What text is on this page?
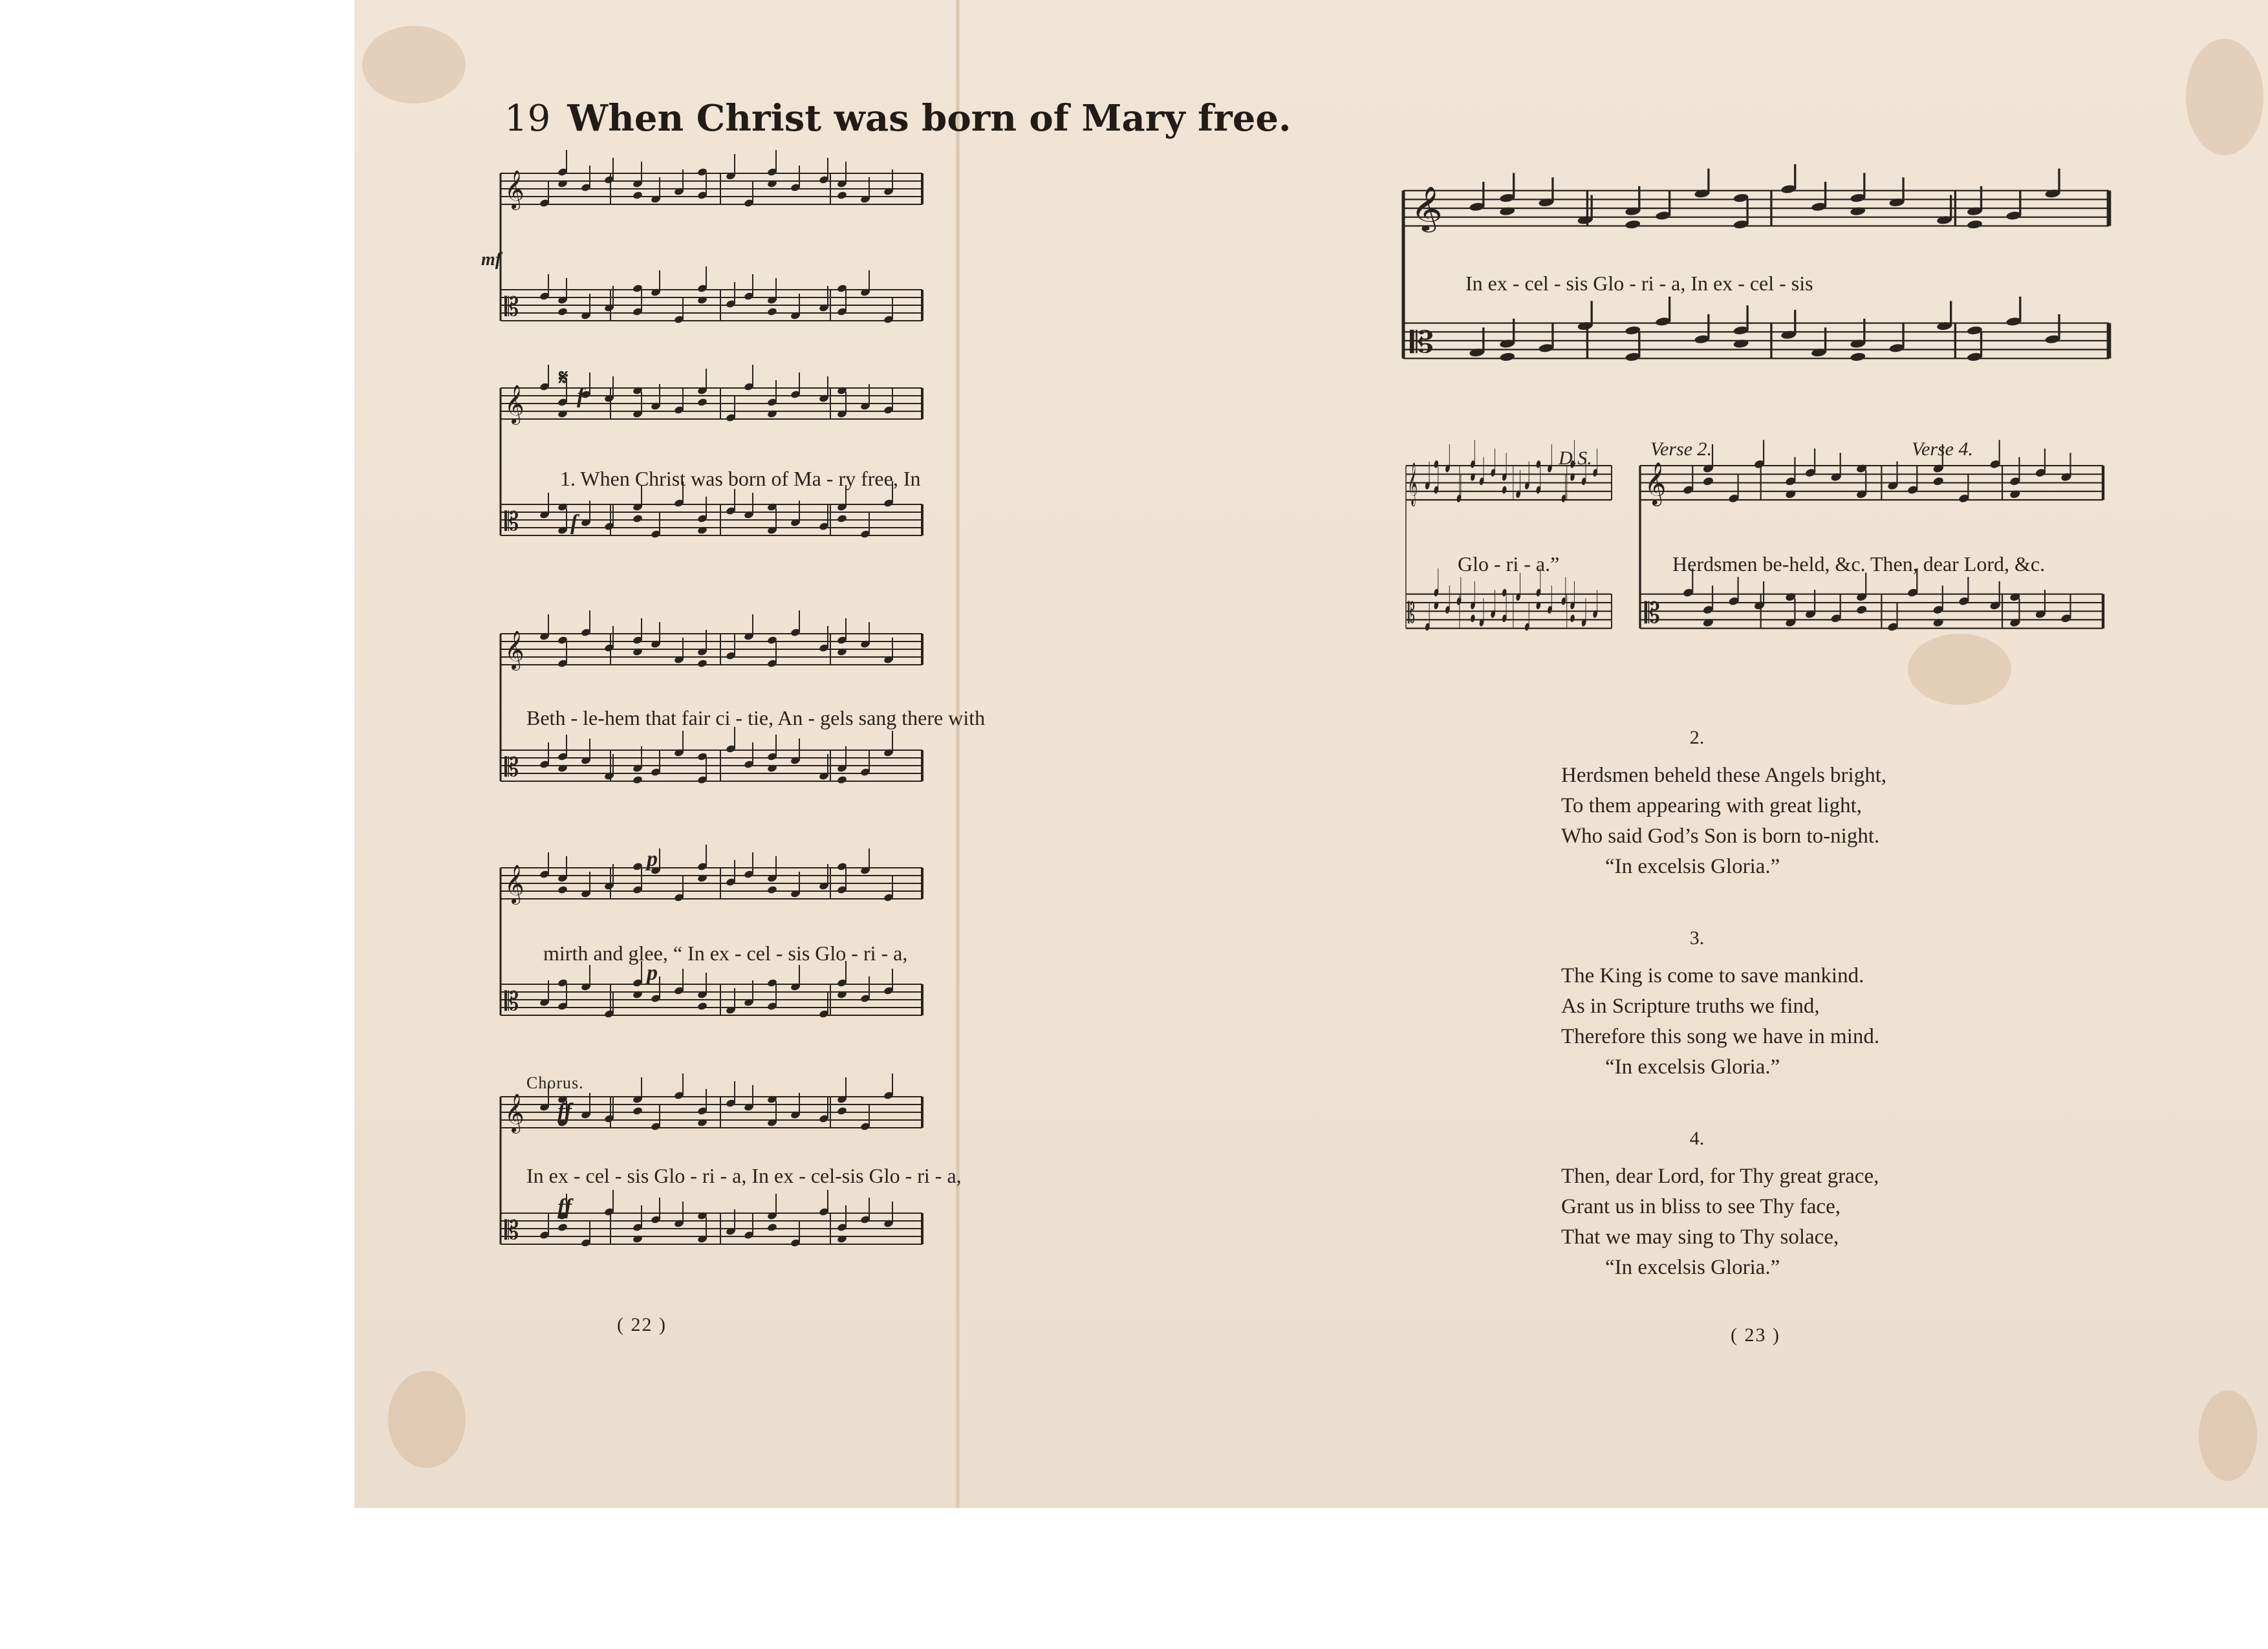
19 When Christ was born of Mary free.
𝄞
𝄡
mf
𝄞
𝄡
𝄋
f
1. When Christ was born of Ma - ry free, In
f
𝄞
𝄡
Beth - le-hem that fair ci - tie, An - gels sang there with
𝄞
𝄡
p
mirth and glee, “ In ex - cel - sis Glo - ri - a,
p
Chorus.
𝄞
𝄡
ff
In ex - cel - sis Glo - ri - a, In ex - cel-sis Glo - ri - a,
ff
( 22 )
𝄞
𝄡
In ex - cel - sis Glo - ri - a, In ex - cel - sis
𝄞
𝄡
D.S.
Glo - ri - a.”
Verse 2.	Verse 4.
𝄞
𝄡
Herdsmen be-held, &c. Then, dear Lord, &c.
2.
Herdsmen beheld these Angels bright,
To them appearing with great light,
Who said God’s Son is born to-night.
“In excelsis Gloria.”
3.
The King is come to save mankind.
As in Scripture truths we find,
Therefore this song we have in mind.
“In excelsis Gloria.”
4.
Then, dear Lord, for Thy great grace,
Grant us in bliss to see Thy face,
That we may sing to Thy solace,
“In excelsis Gloria.”
( 23 )
